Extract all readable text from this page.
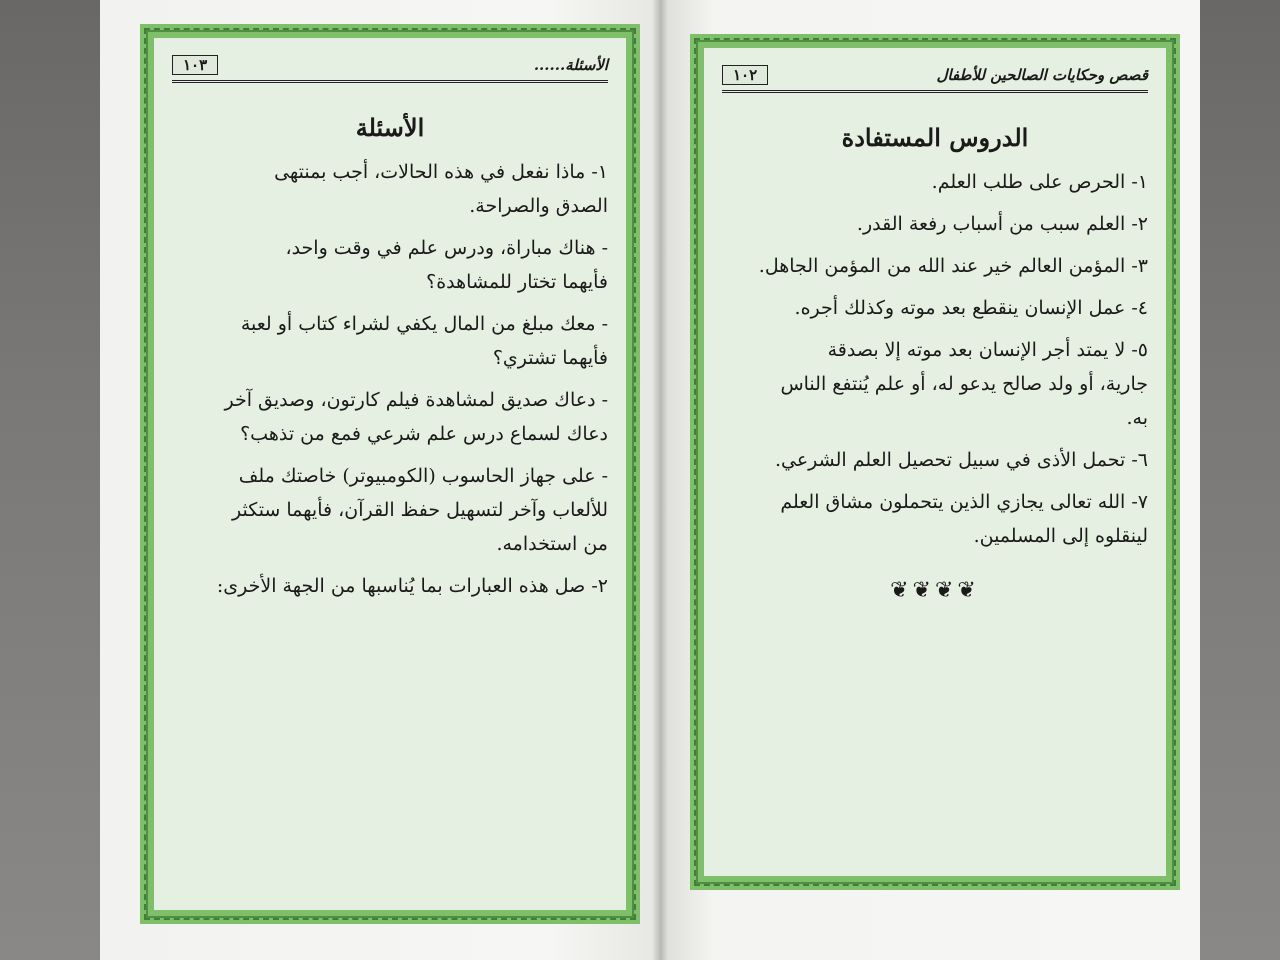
الأسئلة......
١٠٣
الأسئلة

١- ماذا نفعل في هذه الحالات، أجب بمنتهى

الصدق والصراحة.

- هناك مباراة، ودرس علم في وقت واحد،

فأيهما تختار للمشاهدة؟

- معك مبلغ من المال يكفي لشراء كتاب أو لعبة

فأيهما تشتري؟

- دعاك صديق لمشاهدة فيلم كارتون، وصديق آخر

دعاك لسماع درس علم شرعي فمع من تذهب؟

- على جهاز الحاسوب (الكومبيوتر) خاصتك ملف

للألعاب وآخر لتسهيل حفظ القرآن، فأيهما ستكثر

من استخدامه.

٢- صل هذه العبارات بما يُناسبها من الجهة الأخرى:

قصص وحكايات الصالحين للأطفال
١٠٢
الدروس المستفادة

١- الحرص على طلب العلم.

٢- العلم سبب من أسباب رفعة القدر.

٣- المؤمن العالم خير عند الله من المؤمن الجاهل.

٤- عمل الإنسان ينقطع بعد موته وكذلك أجره.

٥- لا يمتد أجر الإنسان بعد موته إلا بصدقة

جارية، أو ولد صالح يدعو له، أو علم يُنتفع الناس

به.

٦- تحمل الأذى في سبيل تحصيل العلم الشرعي.

٧- الله تعالى يجازي الذين يتحملون مشاق العلم

لينقلوه إلى المسلمين.

❦❦❦❦
